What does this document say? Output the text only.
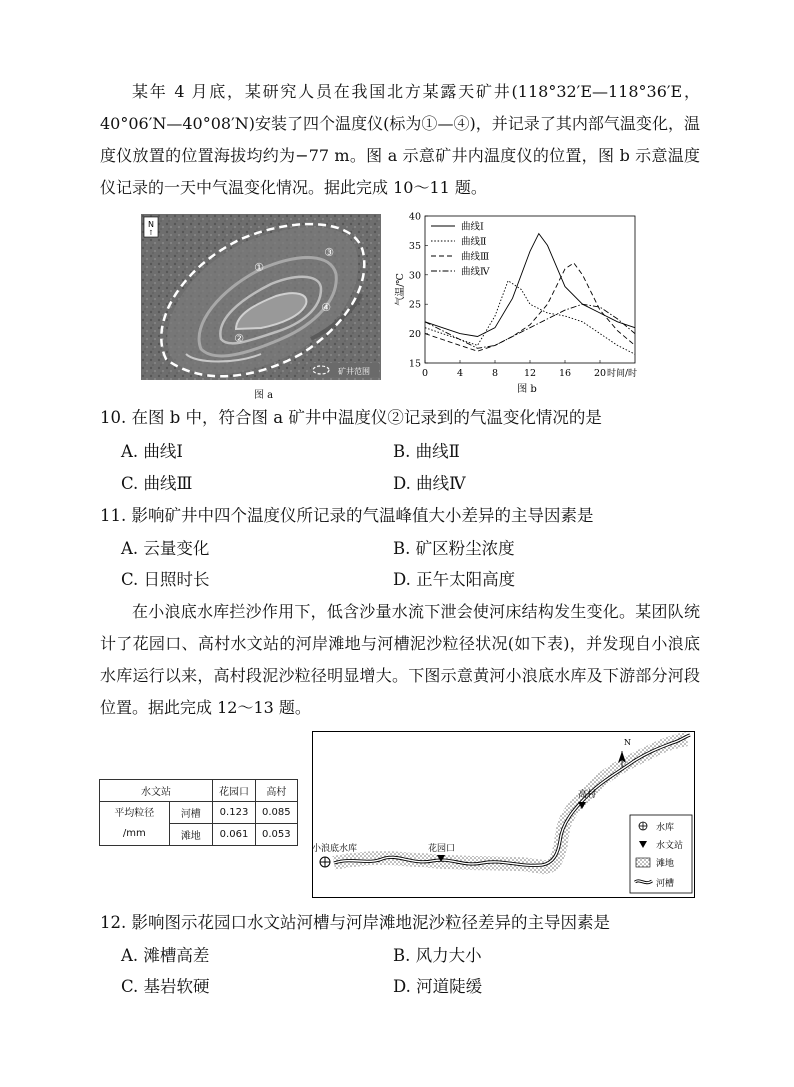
某年 4 月底，某研究人员在我国北方某露天矿井(118°32′E—118°36′E，40°06′N—40°08′N)安装了四个温度仪(标为①—④)，并记录了其内部气温变化，温度仪放置的位置海拔均约为−77 m。图 a 示意矿井内温度仪的位置，图 b 示意温度仪记录的一天中气温变化情况。据此完成 10～11 题。
N
↑
①
②
③
④
矿井范围
图 a
15
20
25
30
35
40
0	4	8	12 16 20 时间/时
气温/℃
图 b
曲线Ⅰ
曲线Ⅱ
曲线Ⅲ
曲线Ⅳ
10. 在图 b 中，符合图 a 矿井中温度仪②记录到的气温变化情况的是
A. 曲线Ⅰ	B. 曲线Ⅱ
C. 曲线Ⅲ	D. 曲线Ⅳ
11. 影响矿井中四个温度仪所记录的气温峰值大小差异的主导因素是
A. 云量变化	B. 矿区粉尘浓度
C. 日照时长	D. 正午太阳高度
在小浪底水库拦沙作用下，低含沙量水流下泄会使河床结构发生变化。某团队统计了花园口、高村水文站的河岸滩地与河槽泥沙粒径状况(如下表)，并发现自小浪底水库运行以来，高村段泥沙粒径明显增大。下图示意黄河小浪底水库及下游部分河段位置。据此完成 12～13 题。
水文站		花园口	高村

平均粒径
/mm	河槽	0.123	0.085
	滩地	0.061	0.053
小浪底水库	花园口
高村
N
水库
水文站
滩地
河槽
12. 影响图示花园口水文站河槽与河岸滩地泥沙粒径差异的主导因素是
A. 滩槽高差	B. 风力大小
C. 基岩软硬	D. 河道陡缓
